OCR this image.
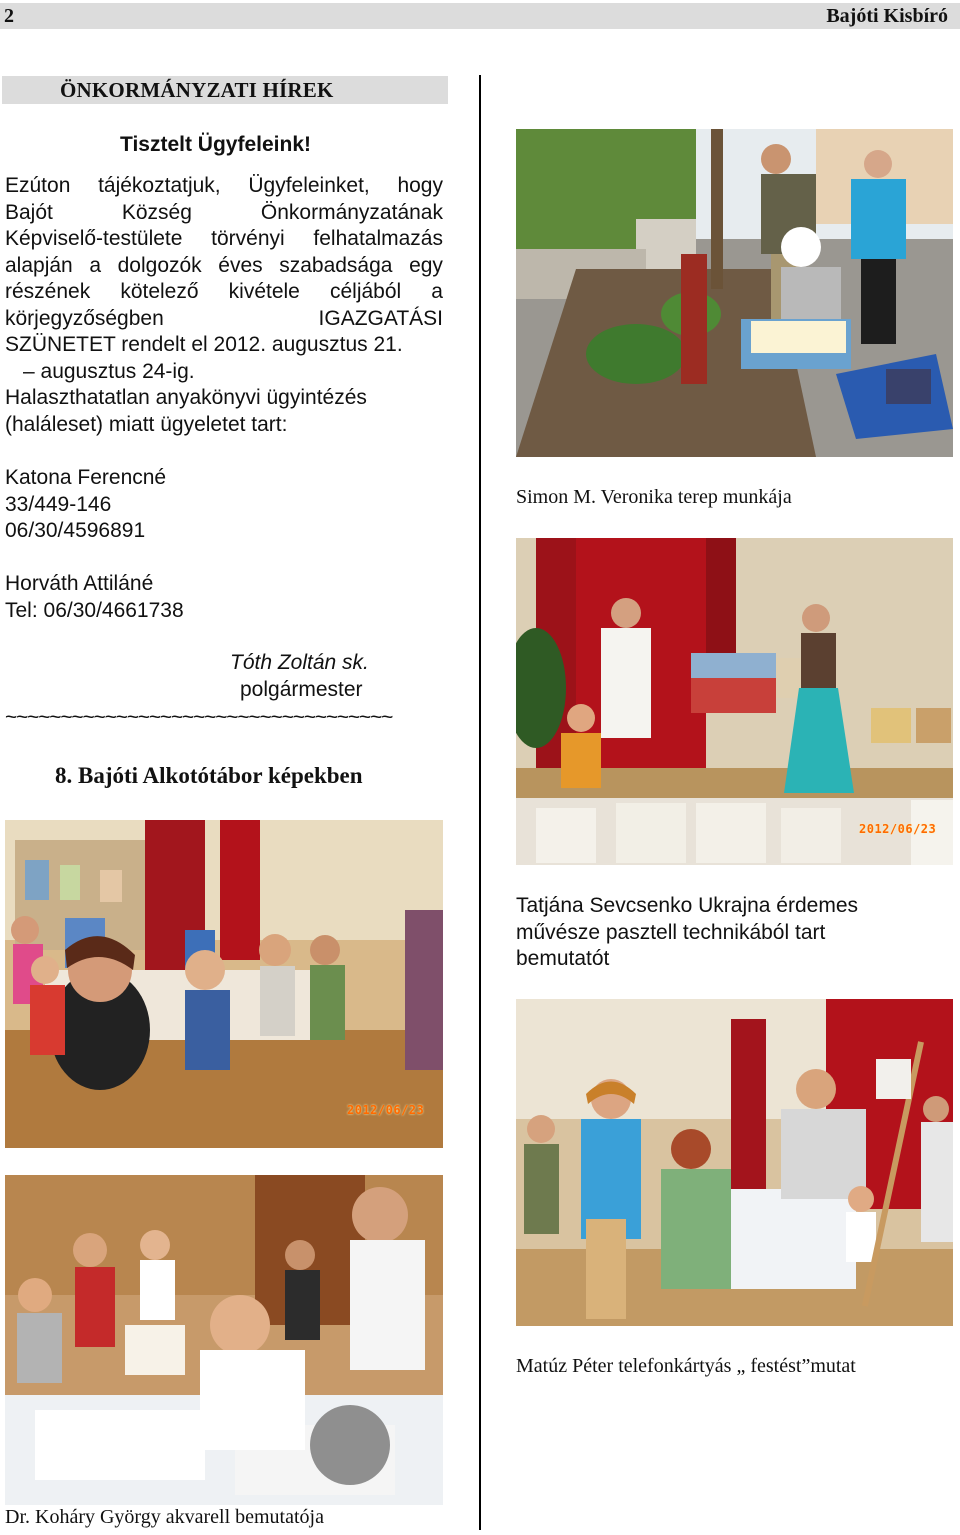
2	Bajóti Kisbíró
ÖNKORMÁNYZATI HÍREK
Tisztelt Ügyfeleink!
Ezúton tájékoztatjuk, Ügyfeleinket, hogy
Bajót	Község	Önkormányzatának
Képviselő-testülete törvényi felhatalmazás
alapján a dolgozók éves szabadsága egy
részének kötelező kivétele céljából a
körjegyzőségben	IGAZGATÁSI
SZÜNETET rendelt el 2012. augusztus 21.
– augusztus 24-ig.
Halaszthatatlan anyakönyvi ügyintézés
(haláleset) miatt ügyeletet tart:
Katona Ferencné
33/449-146
06/30/4596891
Horváth Attiláné
Tel: 06/30/4661738
Tóth Zoltán sk.
polgármester
~~~~~~~~~~~~~~~~~~~~~~~~~~~~~~~~~~~
8. Bajóti Alkotótábor képekben
2012/06/23
Dr. Koháry György akvarell bemutatója
Simon M. Veronika terep munkája
2012/06/23
Tatjána Sevcsenko Ukrajna érdemes
művésze pasztell technikából tart
bemutatót
Matúz Péter telefonkártyás „ festést”mutat
